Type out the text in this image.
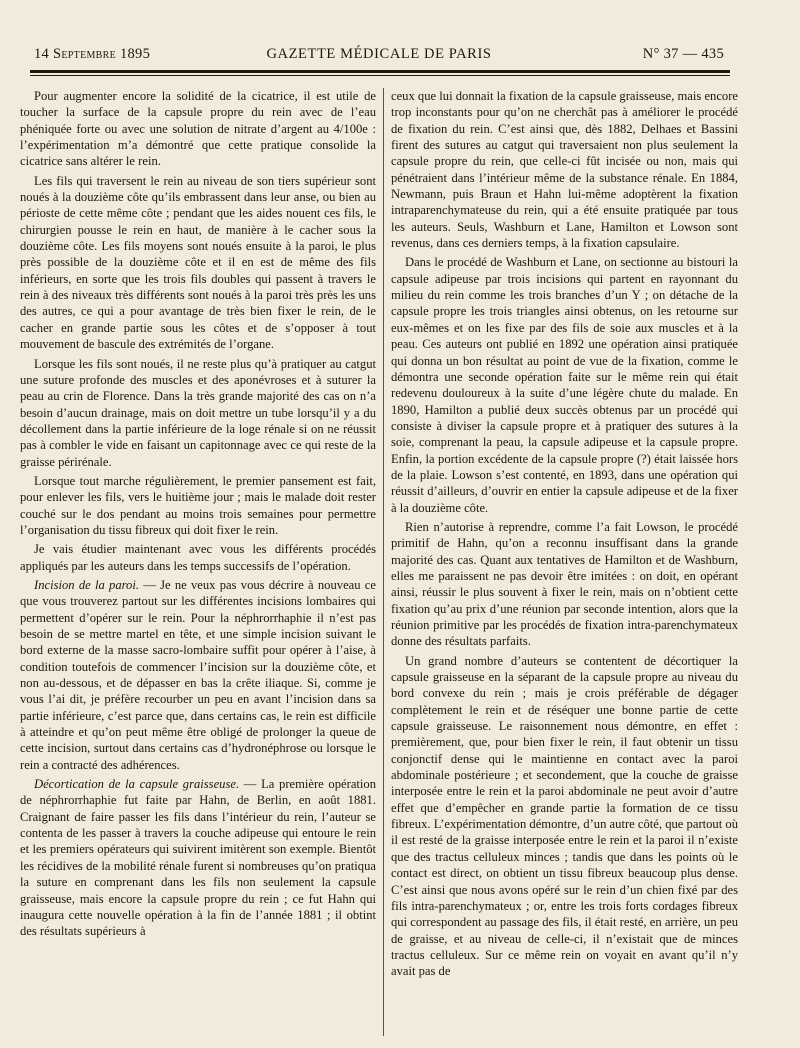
14 Septembre 1895	GAZETTE MÉDICALE DE PARIS	N° 37 — 435

Pour augmenter encore la solidité de la cicatrice, il est utile de toucher la surface de la capsule propre du rein avec de l’eau phéniquée forte ou avec une solution de nitrate d’argent au 4/100e : l’expérimentation m’a démontré que cette pratique consolide la cicatrice sans altérer le rein.

Les fils qui traversent le rein au niveau de son tiers supérieur sont noués à la douzième côte qu’ils embrassent dans leur anse, ou bien au périoste de cette même côte ; pendant que les aides nouent ces fils, le chirurgien pousse le rein en haut, de manière à le cacher sous la douzième côte. Les fils moyens sont noués ensuite à la paroi, le plus près possible de la douzième côte et il en est de même des fils inférieurs, en sorte que les trois fils doubles qui passent à travers le rein à des niveaux très différents sont noués à la paroi très près les uns des autres, ce qui a pour avantage de très bien fixer le rein, de le cacher en grande partie sous les côtes et de s’opposer à tout mouvement de bascule des extrémités de l’organe.

Lorsque les fils sont noués, il ne reste plus qu’à pratiquer au catgut une suture profonde des muscles et des aponévroses et à suturer la peau au crin de Florence. Dans la très grande majorité des cas on n’a besoin d’aucun drainage, mais on doit mettre un tube lorsqu’il y a du décollement dans la partie inférieure de la loge rénale si on ne réussit pas à combler le vide en faisant un capitonnage avec ce qui reste de la graisse périrénale.

Lorsque tout marche régulièrement, le premier pansement est fait, pour enlever les fils, vers le huitième jour ; mais le malade doit rester couché sur le dos pendant au moins trois semaines pour permettre l’organisation du tissu fibreux qui doit fixer le rein.

Je vais étudier maintenant avec vous les différents procédés appliqués par les auteurs dans les temps successifs de l’opération.

Incision de la paroi. — Je ne veux pas vous décrire à nouveau ce que vous trouverez partout sur les différentes incisions lombaires qui permettent d’opérer sur le rein. Pour la néphrorrhaphie il n’est pas besoin de se mettre martel en tête, et une simple incision suivant le bord externe de la masse sacro-lombaire suffit pour opérer à l’aise, à condition toutefois de commencer l’incision sur la douzième côte, et non au-dessous, et de dépasser en bas la crête iliaque. Si, comme je vous l’ai dit, je préfère recourber un peu en avant l’incision dans sa partie inférieure, c’est parce que, dans certains cas, le rein est difficile à atteindre et qu’on peut même être obligé de prolonger la queue de cette incision, surtout dans certains cas d’hydronéphrose ou lorsque le rein a contracté des adhérences.

Décortication de la capsule graisseuse. — La première opération de néphrorrhaphie fut faite par Hahn, de Berlin, en août 1881. Craignant de faire passer les fils dans l’intérieur du rein, l’auteur se contenta de les passer à travers la couche adipeuse qui entoure le rein et les premiers opérateurs qui suivirent imitèrent son exemple. Bientôt les récidives de la mobilité rénale furent si nombreuses qu’on pratiqua la suture en comprenant dans les fils non seulement la capsule graisseuse, mais encore la capsule propre du rein ; ce fut Hahn qui inaugura cette nouvelle opération à la fin de l’année 1881 ; il obtint des résultats supérieurs à

ceux que lui donnait la fixation de la capsule graisseuse, mais encore trop inconstants pour qu’on ne cherchât pas à améliorer le procédé de fixation du rein. C’est ainsi que, dès 1882, Delhaes et Bassini firent des sutures au catgut qui traversaient non plus seulement la capsule propre du rein, que celle-ci fût incisée ou non, mais qui pénétraient dans l’intérieur même de la substance rénale. En 1884, Newmann, puis Braun et Hahn lui-même adoptèrent la fixation intraparenchymateuse du rein, qui a été ensuite pratiquée par tous les auteurs. Seuls, Washburn et Lane, Hamilton et Lowson sont revenus, dans ces derniers temps, à la fixation capsulaire.

Dans le procédé de Washburn et Lane, on sectionne au bistouri la capsule adipeuse par trois incisions qui partent en rayonnant du milieu du rein comme les trois branches d’un Y ; on détache de la capsule propre les trois triangles ainsi obtenus, on les retourne sur eux-mêmes et on les fixe par des fils de soie aux muscles et à la peau. Ces auteurs ont publié en 1892 une opération ainsi pratiquée qui donna un bon résultat au point de vue de la fixation, comme le démontra une seconde opération faite sur le même rein qui était redevenu douloureux à la suite d’une légère chute du malade. En 1890, Hamilton a publié deux succès obtenus par un procédé qui consiste à diviser la capsule propre et à pratiquer des sutures à la soie, comprenant la peau, la capsule adipeuse et la capsule propre. Enfin, la portion excédente de la capsule propre (?) était laissée hors de la plaie. Lowson s’est contenté, en 1893, dans une opération qui réussit d’ailleurs, d’ouvrir en entier la capsule adipeuse et de la fixer à la douzième côte.

Rien n’autorise à reprendre, comme l’a fait Lowson, le procédé primitif de Hahn, qu’on a reconnu insuffisant dans la grande majorité des cas. Quant aux tentatives de Hamilton et de Washburn, elles me paraissent ne pas devoir être imitées : on doit, en opérant ainsi, réussir le plus souvent à fixer le rein, mais on n’obtient cette fixation qu’au prix d’une réunion par seconde intention, alors que la réunion primitive par les procédés de fixation intra-parenchymateux donne des résultats parfaits.

Un grand nombre d’auteurs se contentent de décortiquer la capsule graisseuse en la séparant de la capsule propre au niveau du bord convexe du rein ; mais je crois préférable de dégager complètement le rein et de réséquer une bonne partie de cette capsule graisseuse. Le raisonnement nous démontre, en effet : premièrement, que, pour bien fixer le rein, il faut obtenir un tissu conjonctif dense qui le maintienne en contact avec la paroi abdominale postérieure ; et secondement, que la couche de graisse interposée entre le rein et la paroi abdominale ne peut avoir d’autre effet que d’empêcher en grande partie la formation de ce tissu fibreux. L’expérimentation démontre, d’un autre côté, que partout où il est resté de la graisse interposée entre le rein et la paroi il n’existe que des tractus celluleux minces ; tandis que dans les points où le contact est direct, on obtient un tissu fibreux beaucoup plus dense. C’est ainsi que nous avons opéré sur le rein d’un chien fixé par des fils intra-parenchymateux ; or, entre les trois forts cordages fibreux qui correspondent au passage des fils, il était resté, en arrière, un peu de graisse, et au niveau de celle-ci, il n’existait que de minces tractus celluleux. Sur ce même rein on voyait en avant qu’il n’y avait pas de
